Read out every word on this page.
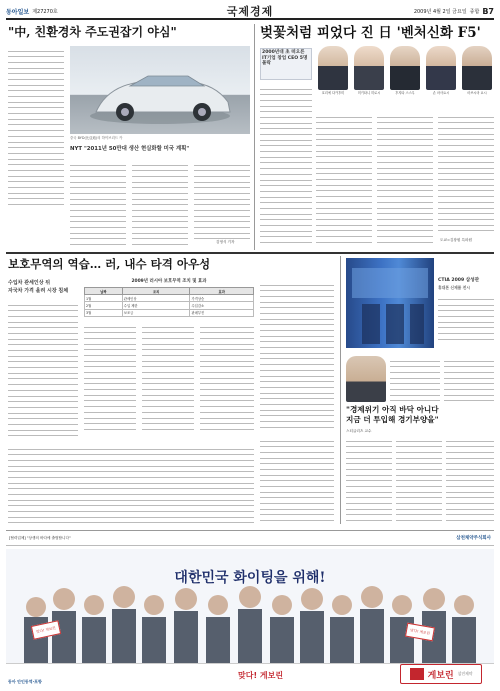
동아일보 제27270호	국제경제	2009년 4월 2일 금요일 종합 B7
"中, 친환경차 주도권잡기 야심"
중국 BYD(比亞迪)의 하이브리드 카
NYT "2011년 50만대 생산 현실화할 미국 계획"
김영식 기자
벚꽃처럼 피었다 진 日 '벤처신화 F5'
2000년대 초 떠오른 IT기업 창업 CEO 5명 몰락
호리에 다카후미	미키타니 히로시	후지타 스스무	손 마사요시	마쓰시마 요시
도쿄=김창원 특파원
보호무역의 역습… 러, 내수 타격 아우성
수입차 관세인상 뒤
자국차 가격 올려 시장 침체
2009년 러시아 보호무역 조치 및 효과
날짜	조치	효과
1월	관세인상	가격상승
2월	수입 제한	수입감소
3월	보조금	판매부진
CTIA 2009 삼성관
휴대폰 신제품 전시
"경제위기 아직 바닥 아니다
지금 더 투입해 경기부양을"
스티글리츠 교수
[협력업체] "상생의 바다에 출범합니다"	삼천체약주식회사
대한민국 화이팅을 위해!
맞다! 게보린	맞다! 게보린
맞다! 게보린	게보린 삼진제약
동아 안인동역·포항
